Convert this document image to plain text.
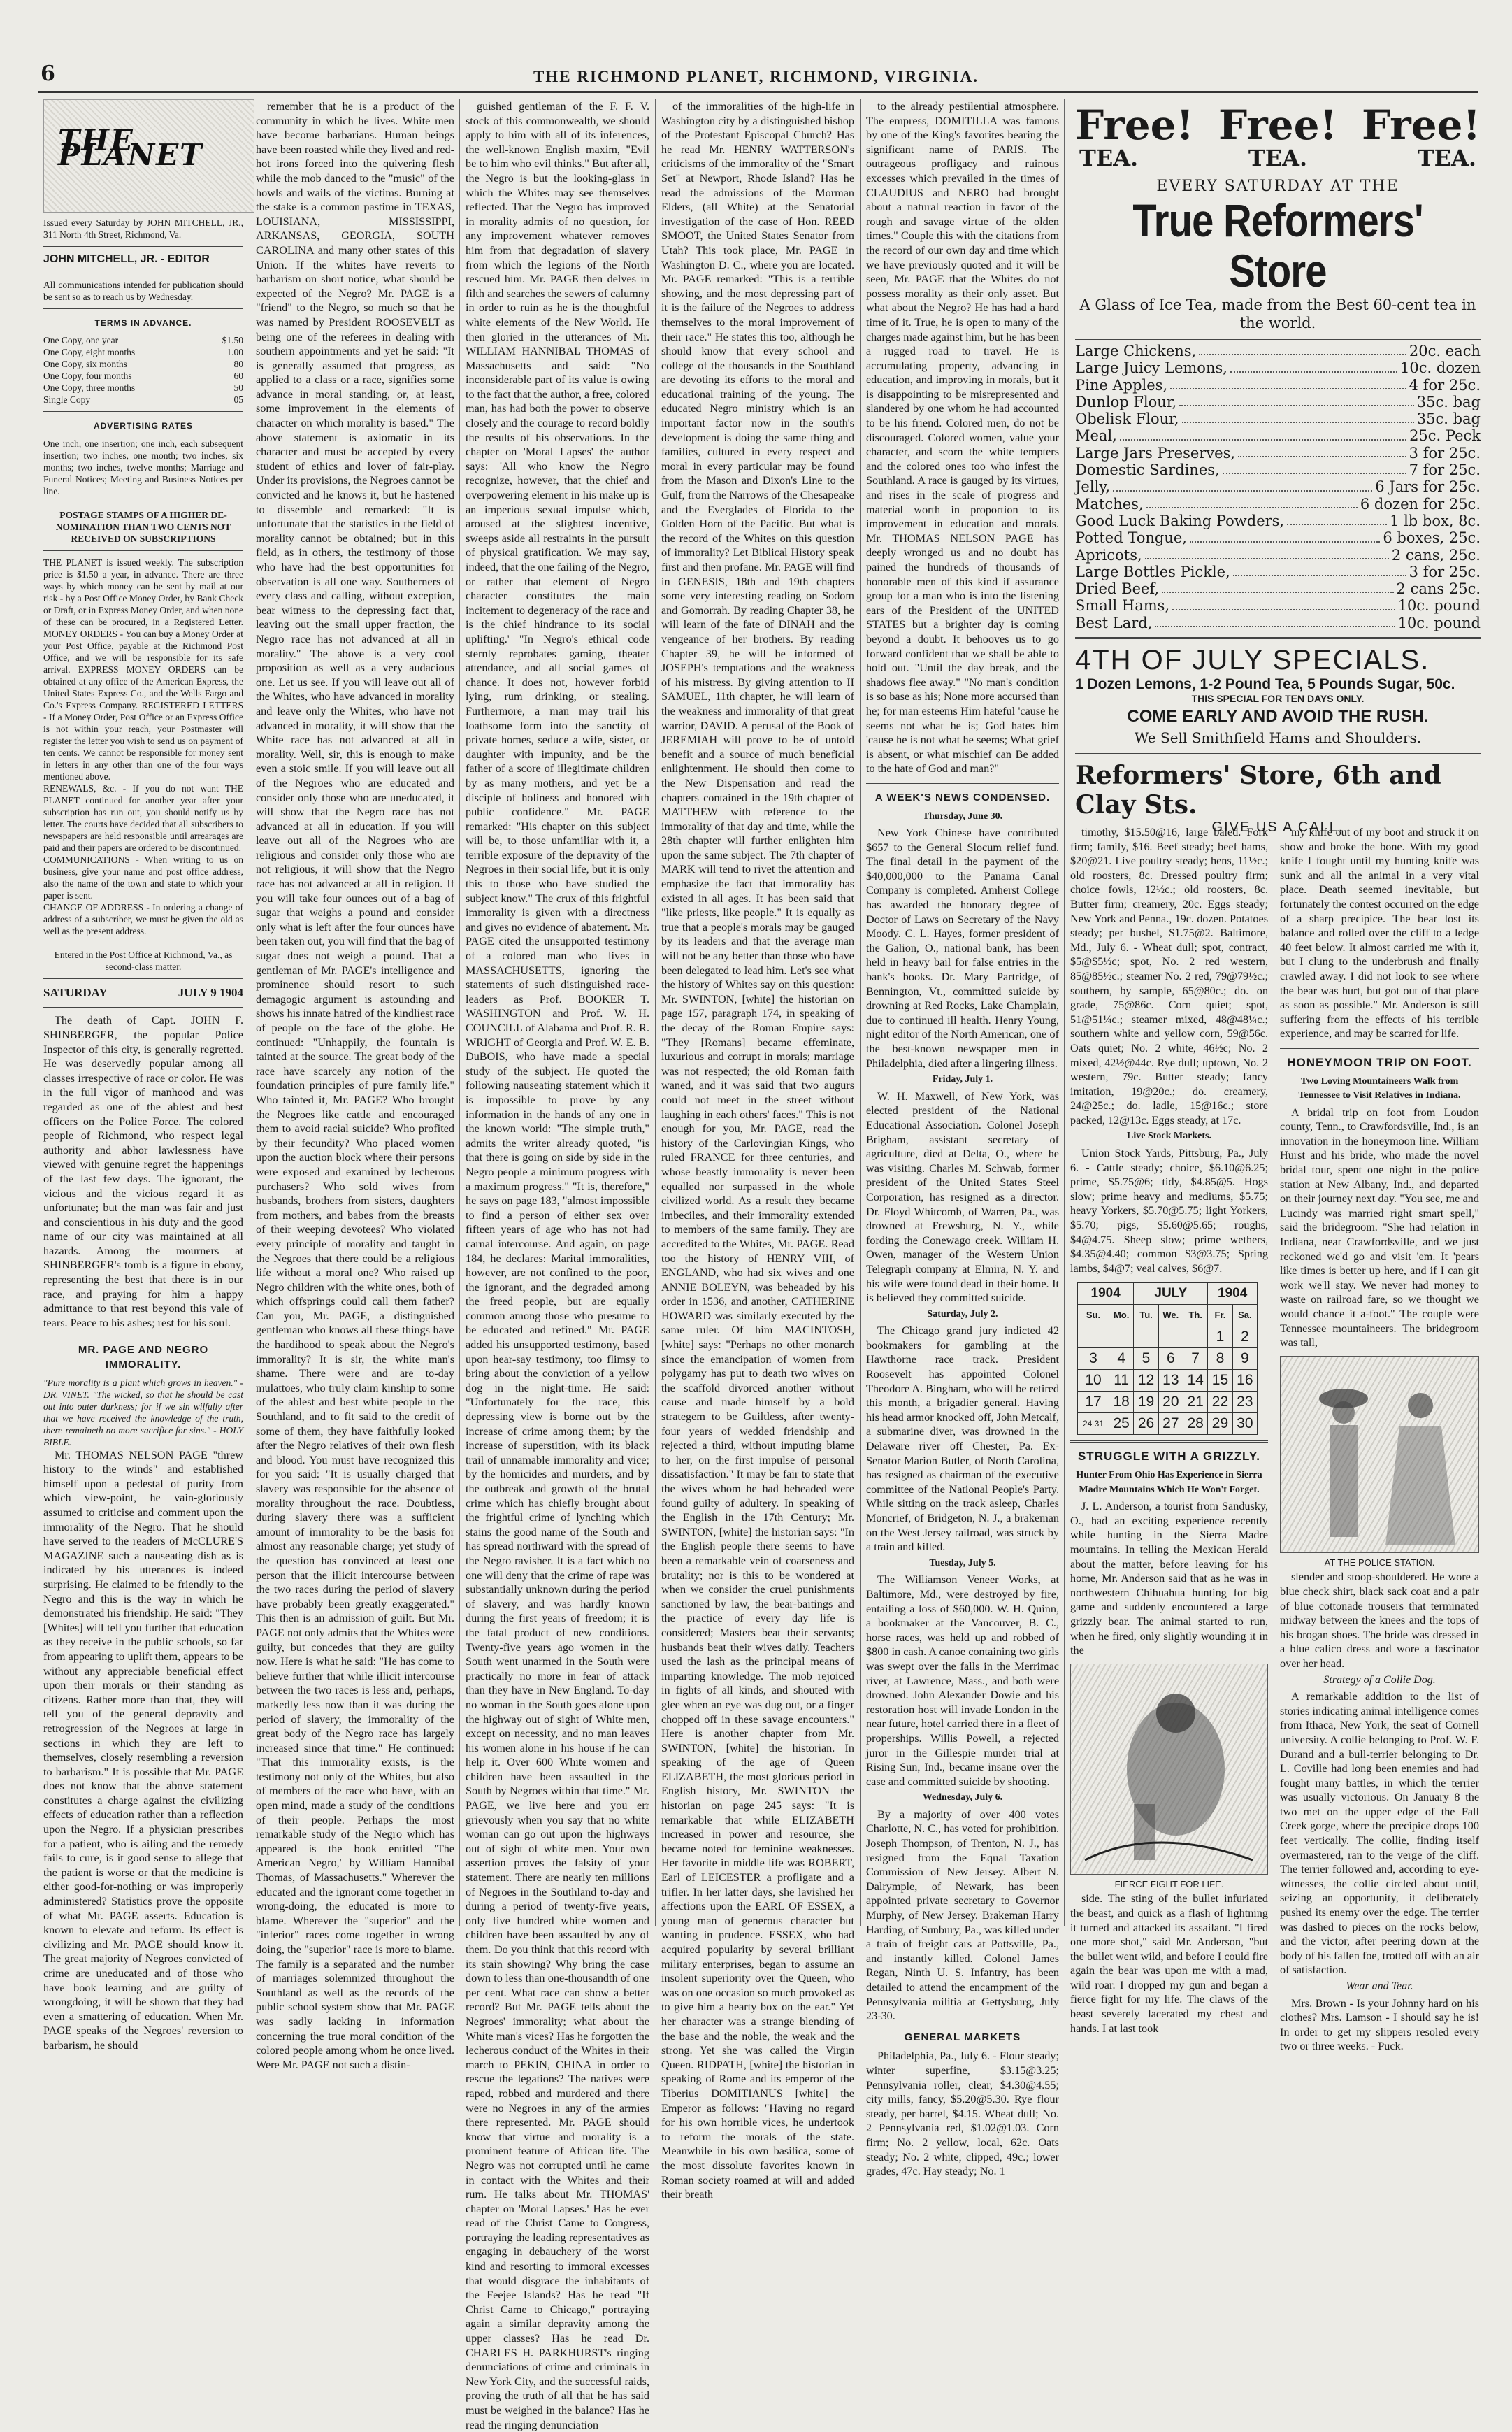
6	THE RICHMOND PLANET, RICHMOND, VIRGINIA.
THE PLANET
Issued every Saturday by JOHN MITCHELL, JR., 311 North 4th Street, Richmond, Va.
JOHN MITCHELL, JR. - EDITOR
All communications intended for publication should be sent so as to reach us by Wednesday.
TERMS IN ADVANCE.
One Copy, one year	$1.50
One Copy, eight months	1.00
One Copy, six months	80
One Copy, four months	60
One Copy, three months	50
Single Copy	05
ADVERTISING RATES
One inch, one insertion; one inch, each subsequent insertion; two inches, one month; two inches, six months; two inches, twelve months; Marriage and Funeral Notices; Meeting and Business Notices per line.
POSTAGE STAMPS OF A HIGHER DE-NOMINATION THAN TWO CENTS NOT RECEIVED ON SUBSCRIPTIONS
THE PLANET is issued weekly. The subscription price is $1.50 a year, in advance. There are three ways by which money can be sent by mail at our risk - by a Post Office Money Order, by Bank Check or Draft, or in Express Money Order, and when none of these can be procured, in a Registered Letter. MONEY ORDERS - You can buy a Money Order at your Post Office, payable at the Richmond Post Office, and we will be responsible for its safe arrival. EXPRESS MONEY ORDERS can be obtained at any office of the American Express, the United States Express Co., and the Wells Fargo and Co.'s Express Company. REGISTERED LETTERS - If a Money Order, Post Office or an Express Office is not within your reach, your Postmaster will register the letter you wish to send us on payment of ten cents. We cannot be responsible for money sent in letters in any other than one of the four ways mentioned above.
RENEWALS, &c. - If you do not want THE PLANET continued for another year after your subscription has run out, you should notify us by letter. The courts have decided that all subscribers to newspapers are held responsible until arrearages are paid and their papers are ordered to be discontinued.
COMMUNICATIONS - When writing to us on business, give your name and post office address, also the name of the town and state to which your paper is sent.
CHANGE OF ADDRESS - In ordering a change of address of a subscriber, we must be given the old as well as the present address.
Entered in the Post Office at Richmond, Va., as second-class matter.
SATURDAY	JULY 9 1904

The death of Capt. JOHN F. SHINBERGER, the popular Police Inspector of this city, is generally regretted. He was deservedly popular among all classes irrespective of race or color. He was in the full vigor of manhood and was regarded as one of the ablest and best officers on the Police Force. The colored people of Richmond, who respect legal authority and abhor lawlessness have viewed with genuine regret the happenings of the last few days. The ignorant, the vicious and the vicious regard it as unfortunate; but the man was fair and just and conscientious in his duty and the good name of our city was maintained at all hazards. Among the mourners at SHINBERGER's tomb is a figure in ebony, representing the best that there is in our race, and praying for him a happy admittance to that rest beyond this vale of tears. Peace to his ashes; rest for his soul.

MR. PAGE AND NEGRO IMMORALITY.
"Pure morality is a plant which grows in heaven." - DR. VINET. "The wicked, so that he should be cast out into outer darkness; for if we sin wilfully after that we have received the knowledge of the truth, there remaineth no more sacrifice for sins." - HOLY BIBLE.

Mr. THOMAS NELSON PAGE "threw history to the winds" and established himself upon a pedestal of purity from which view-point, he vain-gloriously assumed to criticise and comment upon the immorality of the Negro. That he should have served to the readers of McCLURE'S MAGAZINE such a nauseating dish as is indicated by his utterances is indeed surprising. He claimed to be friendly to the Negro and this is the way in which he demonstrated his friendship. He said: "They [Whites] will tell you further that education as they receive in the public schools, so far from appearing to uplift them, appears to be without any appreciable beneficial effect upon their morals or their standing as citizens. Rather more than that, they will tell you of the general depravity and retrogression of the Negroes at large in sections in which they are left to themselves, closely resembling a reversion to barbarism." It is possible that Mr. PAGE does not know that the above statement constitutes a charge against the civilizing effects of education rather than a reflection upon the Negro. If a physician prescribes for a patient, who is ailing and the remedy fails to cure, is it good sense to allege that the patient is worse or that the medicine is either good-for-nothing or was improperly administered? Statistics prove the opposite of what Mr. PAGE asserts. Education is known to elevate and reform. Its effect is civilizing and Mr. PAGE should know it. The great majority of Negroes convicted of crime are uneducated and of those who have book learning and are guilty of wrongdoing, it will be shown that they had even a smattering of education. When Mr. PAGE speaks of the Negroes' reversion to barbarism, he should

remember that he is a product of the community in which he lives. White men have become barbarians. Human beings have been roasted while they lived and red-hot irons forced into the quivering flesh while the mob danced to the "music" of the howls and wails of the victims. Burning at the stake is a common pastime in TEXAS, LOUISIANA, MISSISSIPPI, ARKANSAS, GEORGIA, SOUTH CAROLINA and many other states of this Union. If the whites have reverts to barbarism on short notice, what should be expected of the Negro? Mr. PAGE is a "friend" to the Negro, so much so that he was named by President ROOSEVELT as being one of the referees in dealing with southern appointments and yet he said: "It is generally assumed that progress, as applied to a class or a race, signifies some advance in moral standing, or, at least, some improvement in the elements of character on which morality is based." The above statement is axiomatic in its character and must be accepted by every student of ethics and lover of fair-play. Under its provisions, the Negroes cannot be convicted and he knows it, but he hastened to dissemble and remarked: "It is unfortunate that the statistics in the field of morality cannot be obtained; but in this field, as in others, the testimony of those who have had the best opportunities for observation is all one way. Southerners of every class and calling, without exception, bear witness to the depressing fact that, leaving out the small upper fraction, the Negro race has not advanced at all in morality." The above is a very cool proposition as well as a very audacious one. Let us see. If you will leave out all of the Whites, who have advanced in morality and leave only the Whites, who have not advanced in morality, it will show that the White race has not advanced at all in morality. Well, sir, this is enough to make even a stoic smile. If you will leave out all of the Negroes who are educated and consider only those who are uneducated, it will show that the Negro race has not advanced at all in education. If you will leave out all of the Negroes who are religious and consider only those who are not religious, it will show that the Negro race has not advanced at all in religion. If you will take four ounces out of a bag of sugar that weighs a pound and consider only what is left after the four ounces have been taken out, you will find that the bag of sugar does not weigh a pound. That a gentleman of Mr. PAGE's intelligence and prominence should resort to such demagogic argument is astounding and shows his innate hatred of the kindliest race of people on the face of the globe. He continued: "Unhappily, the fountain is tainted at the source. The great body of the race have scarcely any notion of the foundation principles of pure family life." Who tainted it, Mr. PAGE? Who brought the Negroes like cattle and encouraged them to avoid racial suicide? Who profited by their fecundity? Who placed women upon the auction block where their persons were exposed and examined by lecherous purchasers? Who sold wives from husbands, brothers from sisters, daughters from mothers, and babes from the breasts of their weeping devotees? Who violated every principle of morality and taught in the Negroes that there could be a religious life without a moral one? Who raised up Negro children with the white ones, both of which offsprings could call them father? Can you, Mr. PAGE, a distinguished gentleman who knows all these things have the hardihood to speak about the Negro's immorality? It is sir, the white man's shame. There were and are to-day mulattoes, who truly claim kinship to some of the ablest and best white people in the Southland, and to fit said to the credit of some of them, they have faithfully looked after the Negro relatives of their own flesh and blood. You must have recognized this for you said: "It is usually charged that slavery was responsible for the absence of morality throughout the race. Doubtless, during slavery there was a sufficient amount of immorality to be the basis for almost any reasonable charge; yet study of the question has convinced at least one person that the illicit intercourse between the two races during the period of slavery have probably been greatly exaggerated." This then is an admission of guilt. But Mr. PAGE not only admits that the Whites were guilty, but concedes that they are guilty now. Here is what he said: "He has come to believe further that while illicit intercourse between the two races is less and, perhaps, markedly less now than it was during the period of slavery, the immorality of the great body of the Negro race has largely increased since that time." He continued: "That this immorality exists, is the testimony not only of the Whites, but also of members of the race who have, with an open mind, made a study of the conditions of their people. Perhaps the most remarkable study of the Negro which has appeared is the book entitled 'The American Negro,' by William Hannibal Thomas, of Massachusetts." Wherever the educated and the ignorant come together in wrong-doing, the educated is more to blame. Wherever the "superior" and the "inferior" races come together in wrong doing, the "superior" race is more to blame. The family is a separated and the number of marriages solemnized throughout the Southland as well as the records of the public school system show that Mr. PAGE was sadly lacking in information concerning the true moral condition of the colored people among whom he once lived. Were Mr. PAGE not such a distin-

guished gentleman of the F. F. V. stock of this commonwealth, we should apply to him with all of its inferences, the well-known English maxim, "Evil be to him who evil thinks." But after all, the Negro is but the looking-glass in which the Whites may see themselves reflected. That the Negro has improved in morality admits of no question, for any improvement whatever removes him from that degradation of slavery from which the legions of the North rescued him. Mr. PAGE then delves in filth and searches the sewers of calumny in order to ruin as he is the thoughtful white elements of the New World. He then gloried in the utterances of Mr. WILLIAM HANNIBAL THOMAS of Massachusetts and said: "No inconsiderable part of its value is owing to the fact that the author, a free, colored man, has had both the power to observe closely and the courage to record boldly the results of his observations. In the chapter on 'Moral Lapses' the author says: 'All who know the Negro recognize, however, that the chief and overpowering element in his make up is an imperious sexual impulse which, aroused at the slightest incentive, sweeps aside all restraints in the pursuit of physical gratification. We may say, indeed, that the one failing of the Negro, or rather that element of Negro character constitutes the main incitement to degeneracy of the race and is the chief hindrance to its social uplifting.' "In Negro's ethical code sternly reprobates gaming, theater attendance, and all social games of chance. It does not, however forbid lying, rum drinking, or stealing. Furthermore, a man may trail his loathsome form into the sanctity of private homes, seduce a wife, sister, or daughter with impunity, and be the father of a score of illegitimate children by as many mothers, and yet be a disciple of holiness and honored with public confidence." Mr. PAGE remarked: "His chapter on this subject will be, to those unfamiliar with it, a terrible exposure of the depravity of the Negroes in their social life, but it is only this to those who have studied the subject know." The crux of this frightful immorality is given with a directness and gives no evidence of abatement. Mr. PAGE cited the unsupported testimony of a colored man who lives in MASSACHUSETTS, ignoring the statements of such distinguished race-leaders as Prof. BOOKER T. WASHINGTON and Prof. W. H. COUNCILL of Alabama and Prof. R. R. WRIGHT of Georgia and Prof. W. E. B. DuBOIS, who have made a special study of the subject. He quoted the following nauseating statement which it is impossible to prove by any information in the hands of any one in the known world: "The simple truth," admits the writer already quoted, "is that there is going on side by side in the Negro people a minimum progress with a maximum progress." "It is, therefore," he says on page 183, "almost impossible to find a person of either sex over fifteen years of age who has not had carnal intercourse. And again, on page 184, he declares: Marital immoralities, however, are not confined to the poor, the ignorant, and the degraded among the freed people, but are equally common among those who presume to be educated and refined." Mr. PAGE added his unsupported testimony, based upon hear-say testimony, too flimsy to bring about the conviction of a yellow dog in the night-time. He said: "Unfortunately for the race, this depressing view is borne out by the increase of crime among them; by the increase of superstition, with its black trail of unnamable immorality and vice; by the homicides and murders, and by the outbreak and growth of the brutal crime which has chiefly brought about the frightful crime of lynching which stains the good name of the South and has spread northward with the spread of the Negro ravisher. It is a fact which no one will deny that the crime of rape was substantially unknown during the period of slavery, and was hardly known during the first years of freedom; it is the fatal product of new conditions. Twenty-five years ago women in the South went unarmed in the South were practically no more in fear of attack than they have in New England. To-day no woman in the South goes alone upon the highway out of sight of White men, except on necessity, and no man leaves his women alone in his house if he can help it. Over 600 White women and children have been assaulted in the South by Negroes within that time." Mr. PAGE, we live here and you err grievously when you say that no white woman can go out upon the highways out of sight of white men. Your own assertion proves the falsity of your statement. There are nearly ten millions of Negroes in the Southland to-day and during a period of twenty-five years, only five hundred white women and children have been assaulted by any of them. Do you think that this record with its stain showing? Why bring the case down to less than one-thousandth of one per cent. What race can show a better record? But Mr. PAGE tells about the Negroes' immorality; what about the White man's vices? Has he forgotten the lecherous conduct of the Whites in their march to PEKIN, CHINA in order to rescue the legations? The natives were raped, robbed and murdered and there were no Negroes in any of the armies there represented. Mr. PAGE should know that virtue and morality is a prominent feature of African life. The Negro was not corrupted until he came in contact with the Whites and their rum. He talks about Mr. THOMAS' chapter on 'Moral Lapses.' Has he ever read of the Christ Came to Congress, portraying the leading representatives as engaging in debauchery of the worst kind and resorting to immoral excesses that would disgrace the inhabitants of the Feejee Islands? Has he read "If Christ Came to Chicago," portraying again a similar depravity among the upper classes? Has he read Dr. CHARLES H. PARKHURST's ringing denunciations of crime and criminals in New York City, and the successful raids, proving the truth of all that he has said must be weighed in the balance? Has he read the ringing denunciation

of the immoralities of the high-life in Washington city by a distinguished bishop of the Protestant Episcopal Church? Has he read Mr. HENRY WATTERSON's criticisms of the immorality of the "Smart Set" at Newport, Rhode Island? Has he read the admissions of the Morman Elders, (all White) at the Senatorial investigation of the case of Hon. REED SMOOT, the United States Senator from Utah? This took place, Mr. PAGE in Washington D. C., where you are located. Mr. PAGE remarked: "This is a terrible showing, and the most depressing part of it is the failure of the Negroes to address themselves to the moral improvement of their race." He states this too, although he should know that every school and college of the thousands in the Southland are devoting its efforts to the moral and educational training of the young. The educated Negro ministry which is an important factor now in the south's development is doing the same thing and families, cultured in every respect and moral in every particular may be found from the Mason and Dixon's Line to the Gulf, from the Narrows of the Chesapeake and the Everglades of Florida to the Golden Horn of the Pacific. But what is the record of the Whites on this question of immorality? Let Biblical History speak first and then profane. Mr. PAGE will find in GENESIS, 18th and 19th chapters some very interesting reading on Sodom and Gomorrah. By reading Chapter 38, he will learn of the fate of DINAH and the vengeance of her brothers. By reading Chapter 39, he will be informed of JOSEPH's temptations and the weakness of his mistress. By giving attention to II SAMUEL, 11th chapter, he will learn of the weakness and immorality of that great warrior, DAVID. A perusal of the Book of JEREMIAH will prove to be of untold benefit and a source of much beneficial enlightenment. He should then come to the New Dispensation and read the chapters contained in the 19th chapter of MATTHEW with reference to the immorality of that day and time, while the 28th chapter will further enlighten him upon the same subject. The 7th chapter of MARK will tend to rivet the attention and emphasize the fact that immorality has existed in all ages. It has been said that "like priests, like people." It is equally as true that a people's morals may be gauged by its leaders and that the average man will not be any better than those who have been delegated to lead him. Let's see what the history of Whites say on this question: Mr. SWINTON, [white] the historian on page 157, paragraph 174, in speaking of the decay of the Roman Empire says: "They [Romans] became effeminate, luxurious and corrupt in morals; marriage was not respected; the old Roman faith waned, and it was said that two augurs could not meet in the street without laughing in each others' faces." This is not enough for you, Mr. PAGE, read the history of the Carlovingian Kings, who ruled FRANCE for three centuries, and whose beastly immorality is never been equalled nor surpassed in the whole civilized world. As a result they became imbeciles, and their immorality extended to members of the same family. They are accredited to the Whites, Mr. PAGE. Read too the history of HENRY VIII, of ENGLAND, who had six wives and one ANNIE BOLEYN, was beheaded by his order in 1536, and another, CATHERINE HOWARD was similarly executed by the same ruler. Of him MACINTOSH, [white] says: "Perhaps no other monarch since the emancipation of women from polygamy has put to death two wives on the scaffold divorced another without cause and made himself by a bold strategem to be Guiltless, after twenty-four years of wedded friendship and rejected a third, without imputing blame to her, on the first impulse of personal dissatisfaction." It may be fair to state that the wives whom he had beheaded were found guilty of adultery. In speaking of the English in the 17th Century; Mr. SWINTON, [white] the historian says: "In the English people there seems to have been a remarkable vein of coarseness and brutality; nor is this to be wondered at when we consider the cruel punishments sanctioned by law, the bear-baitings and the practice of every day life is considered; Masters beat their servants; husbands beat their wives daily. Teachers used the lash as the principal means of imparting knowledge. The mob rejoiced in fights of all kinds, and shouted with glee when an eye was dug out, or a finger chopped off in these savage encounters." Here is another chapter from Mr. SWINTON, [white] the historian. In speaking of the age of Queen ELIZABETH, the most glorious period in English history, Mr. SWINTON the historian on page 245 says: "It is remarkable that while ELIZABETH increased in power and resource, she became noted for feminine weaknesses. Her favorite in middle life was ROBERT, Earl of LEICESTER a profligate and a trifler. In her latter days, she lavished her affections upon the EARL OF ESSEX, a young man of generous character but wanting in prudence. ESSEX, who had acquired popularity by several brilliant military enterprises, began to assume an insolent superiority over the Queen, who was on one occasion so much provoked as to give him a hearty box on the ear." Yet her character was a strange blending of the base and the noble, the weak and the strong. Yet she was called the Virgin Queen. RIDPATH, [white] the historian in speaking of Rome and its emperor of the Tiberius DOMITIANUS [white] the Emperor as follows: "Having no regard for his own horrible vices, he undertook to reform the morals of the state. Meanwhile in his own basilica, some of the most dissolute favorites known in Roman society roamed at will and added their breath

to the already pestilential atmosphere. The empress, DOMITILLA was famous by one of the King's favorites bearing the significant name of PARIS. The outrageous profligacy and ruinous excesses which prevailed in the times of CLAUDIUS and NERO had brought about a natural reaction in favor of the rough and savage virtue of the olden times." Couple this with the citations from the record of our own day and time which we have previously quoted and it will be seen, Mr. PAGE that the Whites do not possess morality as their only asset. But what about the Negro? He has had a hard time of it. True, he is open to many of the charges made against him, but he has been a rugged road to travel. He is accumulating property, advancing in education, and improving in morals, but it is disappointing to be misrepresented and slandered by one whom he had accounted to be his friend. Colored men, do not be discouraged. Colored women, value your character, and scorn the white tempters and the colored ones too who infest the Southland. A race is gauged by its virtues, and rises in the scale of progress and material worth in proportion to its improvement in education and morals. Mr. THOMAS NELSON PAGE has deeply wronged us and no doubt has pained the hundreds of thousands of honorable men of this kind if assurance group for a man who is into the listening ears of the President of the UNITED STATES but a brighter day is coming beyond a doubt. It behooves us to go forward confident that we shall be able to hold out. "Until the day break, and the shadows flee away." "No man's condition is so base as his; None more accursed than he; for man esteems Him hateful 'cause he seems not what he is; God hates him 'cause he is not what he seems; What grief is absent, or what mischief can Be added to the hate of God and man?"

A WEEK'S NEWS CONDENSED.
Thursday, June 30.

New York Chinese have contributed $657 to the General Slocum relief fund. The final detail in the payment of the $40,000,000 to the Panama Canal Company is completed. Amherst College has awarded the honorary degree of Doctor of Laws on Secretary of the Navy Moody. C. L. Hayes, former president of the Galion, O., national bank, has been held in heavy bail for false entries in the bank's books. Dr. Mary Partridge, of Bennington, Vt., committed suicide by drowning at Red Rocks, Lake Champlain, due to continued ill health. Henry Young, night editor of the North American, one of the best-known newspaper men in Philadelphia, died after a lingering illness.

Friday, July 1.

W. H. Maxwell, of New York, was elected president of the National Educational Association. Colonel Joseph Brigham, assistant secretary of agriculture, died at Delta, O., where he was visiting. Charles M. Schwab, former president of the United States Steel Corporation, has resigned as a director. Dr. Floyd Whitcomb, of Warren, Pa., was drowned at Frewsburg, N. Y., while fording the Conewago creek. William H. Owen, manager of the Western Union Telegraph company at Elmira, N. Y. and his wife were found dead in their home. It is believed they committed suicide.

Saturday, July 2.

The Chicago grand jury indicted 42 bookmakers for gambling at the Hawthorne race track. President Roosevelt has appointed Colonel Theodore A. Bingham, who will be retired this month, a brigadier general. Having his head armor knocked off, John Metcalf, a submarine diver, was drowned in the Delaware river off Chester, Pa. Ex-Senator Marion Butler, of North Carolina, has resigned as chairman of the executive committee of the National People's Party. While sitting on the track asleep, Charles Moncrief, of Bridgeton, N. J., a brakeman on the West Jersey railroad, was struck by a train and killed.

Tuesday, July 5.

The Williamson Veneer Works, at Baltimore, Md., were destroyed by fire, entailing a loss of $60,000. W. H. Quinn, a bookmaker at the Vancouver, B. C., horse races, was held up and robbed of $800 in cash. A canoe containing two girls was swept over the falls in the Merrimac river, at Lawrence, Mass., and both were drowned. John Alexander Dowie and his restoration host will invade London in the near future, hotel carried there in a fleet of properships. Willis Powell, a rejected juror in the Gillespie murder trial at Rising Sun, Ind., became insane over the case and committed suicide by shooting.

Wednesday, July 6.

By a majority of over 400 votes Charlotte, N. C., has voted for prohibition. Joseph Thompson, of Trenton, N. J., has resigned from the Equal Taxation Commission of New Jersey. Albert N. Dalrymple, of Newark, has been appointed private secretary to Governor Murphy, of New Jersey. Brakeman Harry Harding, of Sunbury, Pa., was killed under a train of freight cars at Pottsville, Pa., and instantly killed. Colonel James Regan, Ninth U. S. Infantry, has been detailed to attend the encampment of the Pennsylvania militia at Gettysburg, July 23-30.

GENERAL MARKETS

Philadelphia, Pa., July 6. - Flour steady; winter superfine, $3.15@3.25; Pennsylvania roller, clear, $4.30@4.55; city mills, fancy, $5.20@5.30. Rye flour steady, per barrel, $4.15. Wheat dull; No. 2 Pennsylvania red, $1.02@1.03. Corn firm; No. 2 yellow, local, 62c. Oats steady; No. 2 white, clipped, 49c.; lower grades, 47c. Hay steady; No. 1

Free! Free! Free!
TEA.	TEA.	TEA.
EVERY SATURDAY AT THE
True Reformers' Store
A Glass of Ice Tea, made from the Best 60-cent tea in the world.
Large Chickens,	20c. each
Large Juicy Lemons,	10c. dozen
Pine Apples,	4 for 25c.
Dunlop Flour,	35c. bag
Obelisk Flour,	35c. bag
Meal,	25c. Peck
Large Jars Preserves,	3 for 25c.
Domestic Sardines,	7 for 25c.
Jelly,	6 Jars for 25c.
Matches,	6 dozen for 25c.
Good Luck Baking Powders,	1 lb box, 8c.
Potted Tongue,	6 boxes, 25c.
Apricots,	2 cans, 25c.
Large Bottles Pickle,	3 for 25c.
Dried Beef,	2 cans 25c.
Small Hams,	10c. pound
Best Lard,	10c. pound
4TH OF JULY SPECIALS.
1 Dozen Lemons, 1-2 Pound Tea, 5 Pounds Sugar, 50c.
THIS SPECIAL FOR TEN DAYS ONLY.
COME EARLY AND AVOID THE RUSH.
We Sell Smithfield Hams and Shoulders.
Reformers' Store, 6th and Clay Sts.
GIVE US A CALL.

timothy, $15.50@16, large baled. Fork firm; family, $16. Beef steady; beef hams, $20@21. Live poultry steady; hens, 11½c.; old roosters, 8c. Dressed poultry firm; choice fowls, 12½c.; old roosters, 8c. Butter firm; creamery, 20c. Eggs steady; New York and Penna., 19c. dozen. Potatoes steady; per bushel, $1.75@2. Baltimore, Md., July 6. - Wheat dull; spot, contract, $5@$5½c; spot, No. 2 red western, 85@85½c.; steamer No. 2 red, 79@79½c.; southern, by sample, 65@80c.; do. on grade, 75@86c. Corn quiet; spot, 51@51¼c.; steamer mixed, 48@48¼c.; southern white and yellow corn, 59@56c. Oats quiet; No. 2 white, 46½c; No. 2 mixed, 42½@44c. Rye dull; uptown, No. 2 western, 79c. Butter steady; fancy imitation, 19@20c.; do. creamery, 24@25c.; do. ladle, 15@16c.; store packed, 12@13c. Eggs steady, at 17c.

Live Stock Markets.

Union Stock Yards, Pittsburg, Pa., July 6. - Cattle steady; choice, $6.10@6.25; prime, $5.75@6; tidy, $4.85@5. Hogs slow; prime heavy and mediums, $5.75; heavy Yorkers, $5.70@5.75; light Yorkers, $5.70; pigs, $5.60@5.65; roughs, $4@4.75. Sheep slow; prime wethers, $4.35@4.40; common $3@3.75; Spring lambs, $4@7; veal calves, $6@7.

1904		JULY			1904	
Su.	Mo.	Tu.	We.	Th.	Fr.	Sa.
					1	2
3	4	5	6	7	8	9
10	11	12	13	14	15	16
17	18	19	20	21	22	23
24 31	25	26	27	28	29	30
STRUGGLE WITH A GRIZZLY.
Hunter From Ohio Has Experience in Sierra Madre Mountains Which He Won't Forget.

J. L. Anderson, a tourist from Sandusky, O., had an exciting experience recently while hunting in the Sierra Madre mountains. In telling the Mexican Herald about the matter, before leaving for his home, Mr. Anderson said that as he was in northwestern Chihuahua hunting for big game and suddenly encountered a large grizzly bear. The animal started to run, when he fired, only slightly wounding it in the

FIERCE FIGHT FOR LIFE.

side. The sting of the bullet infuriated the beast, and quick as a flash of lightning it turned and attacked its assailant. "I fired one more shot," said Mr. Anderson, "but the bullet went wild, and before I could fire again the bear was upon me with a mad, wild roar. I dropped my gun and began a fierce fight for my life. The claws of the beast severely lacerated my chest and hands. I at last took

my knife out of my boot and struck it on show and broke the bone. With my good knife I fought until my hunting knife was sunk and all the animal in a very vital place. Death seemed inevitable, but fortunately the contest occurred on the edge of a sharp precipice. The bear lost its balance and rolled over the cliff to a ledge 40 feet below. It almost carried me with it, but I clung to the underbrush and finally crawled away. I did not look to see where the bear was hurt, but got out of that place as soon as possible." Mr. Anderson is still suffering from the effects of his terrible experience, and may be scarred for life.

HONEYMOON TRIP ON FOOT.
Two Loving Mountaineers Walk from Tennessee to Visit Relatives in Indiana.

A bridal trip on foot from Loudon county, Tenn., to Crawfordsville, Ind., is an innovation in the honeymoon line. William Hurst and his bride, who made the novel bridal tour, spent one night in the police station at New Albany, Ind., and departed on their journey next day. "You see, me and Lucindy was married right smart spell," said the bridegroom. "She had relation in Indiana, near Crawfordsville, and we just reckoned we'd go and visit 'em. It 'pears like times is better up here, and if I can git work we'll stay. We never had money to waste on railroad fare, so we thought we would chance it a-foot." The couple were Tennessee mountaineers. The bridegroom was tall,

AT THE POLICE STATION.

slender and stoop-shouldered. He wore a blue check shirt, black sack coat and a pair of blue cottonade trousers that terminated midway between the knees and the tops of his brogan shoes. The bride was dressed in a blue calico dress and wore a fascinator over her head.

Strategy of a Collie Dog.

A remarkable addition to the list of stories indicating animal intelligence comes from Ithaca, New York, the seat of Cornell university. A collie belonging to Prof. W. F. Durand and a bull-terrier belonging to Dr. L. Coville had long been enemies and had fought many battles, in which the terrier was usually victorious. On January 8 the two met on the upper edge of the Fall Creek gorge, where the precipice drops 100 feet vertically. The collie, finding itself overmastered, ran to the verge of the cliff. The terrier followed and, according to eye-witnesses, the collie circled about until, seizing an opportunity, it deliberately pushed its enemy over the edge. The terrier was dashed to pieces on the rocks below, and the victor, after peering down at the body of his fallen foe, trotted off with an air of satisfaction.

Wear and Tear.

Mrs. Brown - Is your Johnny hard on his clothes? Mrs. Lamson - I should say he is! In order to get my slippers resoled every two or three weeks. - Puck.
